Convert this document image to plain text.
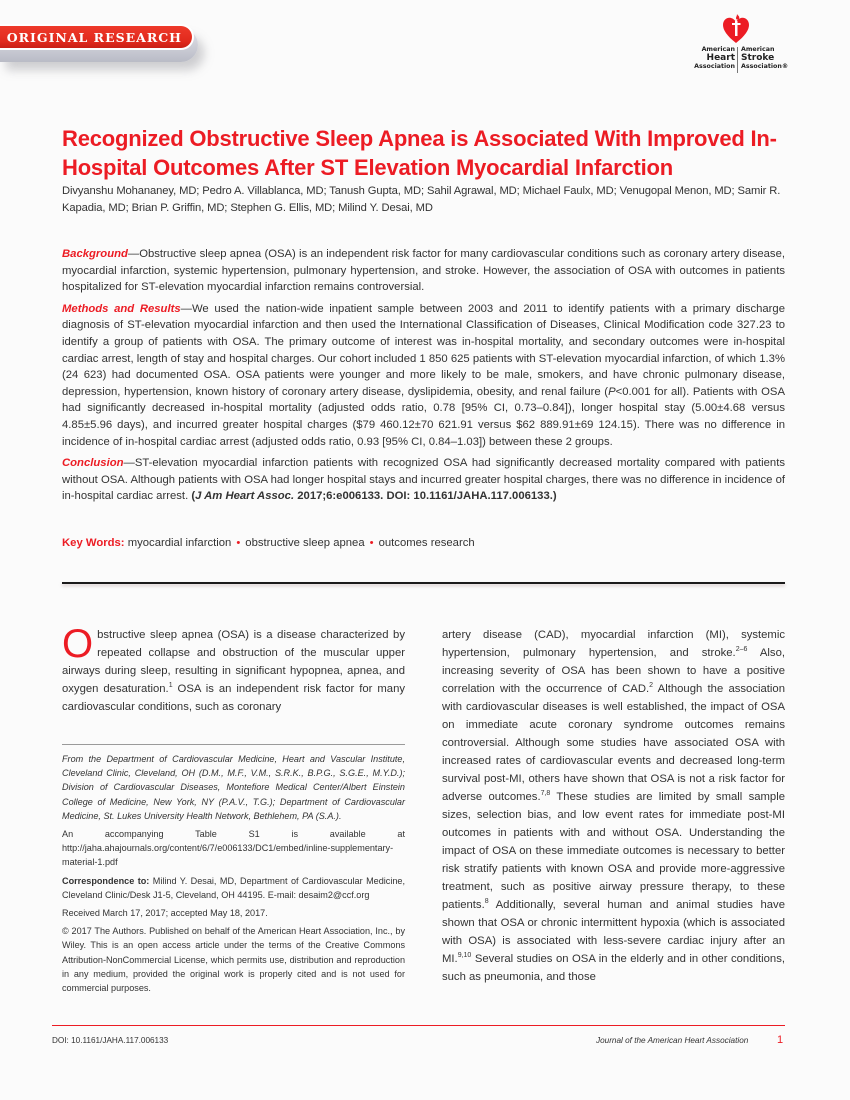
ORIGINAL RESEARCH
American
Heart
Association
American
Stroke
Association®
Recognized Obstructive Sleep Apnea is Associated With Improved In-Hospital Outcomes After ST Elevation Myocardial Infarction
Divyanshu Mohananey, MD; Pedro A. Villablanca, MD; Tanush Gupta, MD; Sahil Agrawal, MD; Michael Faulx, MD; Venugopal Menon, MD; Samir R. Kapadia, MD; Brian P. Griffin, MD; Stephen G. Ellis, MD; Milind Y. Desai, MD

Background—Obstructive sleep apnea (OSA) is an independent risk factor for many cardiovascular conditions such as coronary artery disease, myocardial infarction, systemic hypertension, pulmonary hypertension, and stroke. However, the association of OSA with outcomes in patients hospitalized for ST-elevation myocardial infarction remains controversial.

Methods and Results—We used the nation-wide inpatient sample between 2003 and 2011 to identify patients with a primary discharge diagnosis of ST-elevation myocardial infarction and then used the International Classification of Diseases, Clinical Modification code 327.23 to identify a group of patients with OSA. The primary outcome of interest was in-hospital mortality, and secondary outcomes were in-hospital cardiac arrest, length of stay and hospital charges. Our cohort included 1 850 625 patients with ST-elevation myocardial infarction, of which 1.3% (24 623) had documented OSA. OSA patients were younger and more likely to be male, smokers, and have chronic pulmonary disease, depression, hypertension, known history of coronary artery disease, dyslipidemia, obesity, and renal failure (P<0.001 for all). Patients with OSA had significantly decreased in-hospital mortality (adjusted odds ratio, 0.78 [95% CI, 0.73–0.84]), longer hospital stay (5.00±4.68 versus 4.85±5.96 days), and incurred greater hospital charges ($79 460.12±70 621.91 versus $62 889.91±69 124.15). There was no difference in incidence of in-hospital cardiac arrest (adjusted odds ratio, 0.93 [95% CI, 0.84–1.03]) between these 2 groups.

Conclusion—ST-elevation myocardial infarction patients with recognized OSA had significantly decreased mortality compared with patients without OSA. Although patients with OSA had longer hospital stays and incurred greater hospital charges, there was no difference in incidence of in-hospital cardiac arrest. (J Am Heart Assoc. 2017;6:e006133. DOI: 10.1161/JAHA.117.006133.)

Key Words: myocardial infarction • obstructive sleep apnea • outcomes research
Obstructive sleep apnea (OSA) is a disease characterized by repeated collapse and obstruction of the muscular upper airways during sleep, resulting in significant hypopnea, apnea, and oxygen desaturation.$^1$ OSA is an independent risk factor for many cardiovascular conditions, such as coronary

From the Department of Cardiovascular Medicine, Heart and Vascular Institute, Cleveland Clinic, Cleveland, OH (D.M., M.F., V.M., S.R.K., B.P.G., S.G.E., M.Y.D.); Division of Cardiovascular Diseases, Montefiore Medical Center/Albert Einstein College of Medicine, New York, NY (P.A.V., T.G.); Department of Cardiovascular Medicine, St. Lukes University Health Network, Bethlehem, PA (S.A.).

An accompanying Table S1 is available at http://jaha.ahajournals.org/content/6/7/e006133/DC1/embed/inline-supplementary-material-1.pdf

Correspondence to: Milind Y. Desai, MD, Department of Cardiovascular Medicine, Cleveland Clinic/Desk J1-5, Cleveland, OH 44195. E-mail: desaim2@ccf.org

Received March 17, 2017; accepted May 18, 2017.

© 2017 The Authors. Published on behalf of the American Heart Association, Inc., by Wiley. This is an open access article under the terms of the Creative Commons Attribution-NonCommercial License, which permits use, distribution and reproduction in any medium, provided the original work is properly cited and is not used for commercial purposes.

artery disease (CAD), myocardial infarction (MI), systemic hypertension, pulmonary hypertension, and stroke.$^{2-6}$ Also, increasing severity of OSA has been shown to have a positive correlation with the occurrence of CAD.$^2$ Although the association with cardiovascular diseases is well established, the impact of OSA on immediate acute coronary syndrome outcomes remains controversial. Although some studies have associated OSA with increased rates of cardiovascular events and decreased long-term survival post-MI, others have shown that OSA is not a risk factor for adverse outcomes.$^{7,8}$ These studies are limited by small sample sizes, selection bias, and low event rates for immediate post-MI outcomes in patients with and without OSA. Understanding the impact of OSA on these immediate outcomes is necessary to better risk stratify patients with known OSA and provide more-aggressive treatment, such as positive airway pressure therapy, to these patients.$^8$ Additionally, several human and animal studies have shown that OSA or chronic intermittent hypoxia (which is associated with OSA) is associated with less-severe cardiac injury after an MI.$^{9,10}$ Several studies on OSA in the elderly and in other conditions, such as pneumonia, and those
DOI: 10.1161/JAHA.117.006133	Journal of the American Heart Association	1
